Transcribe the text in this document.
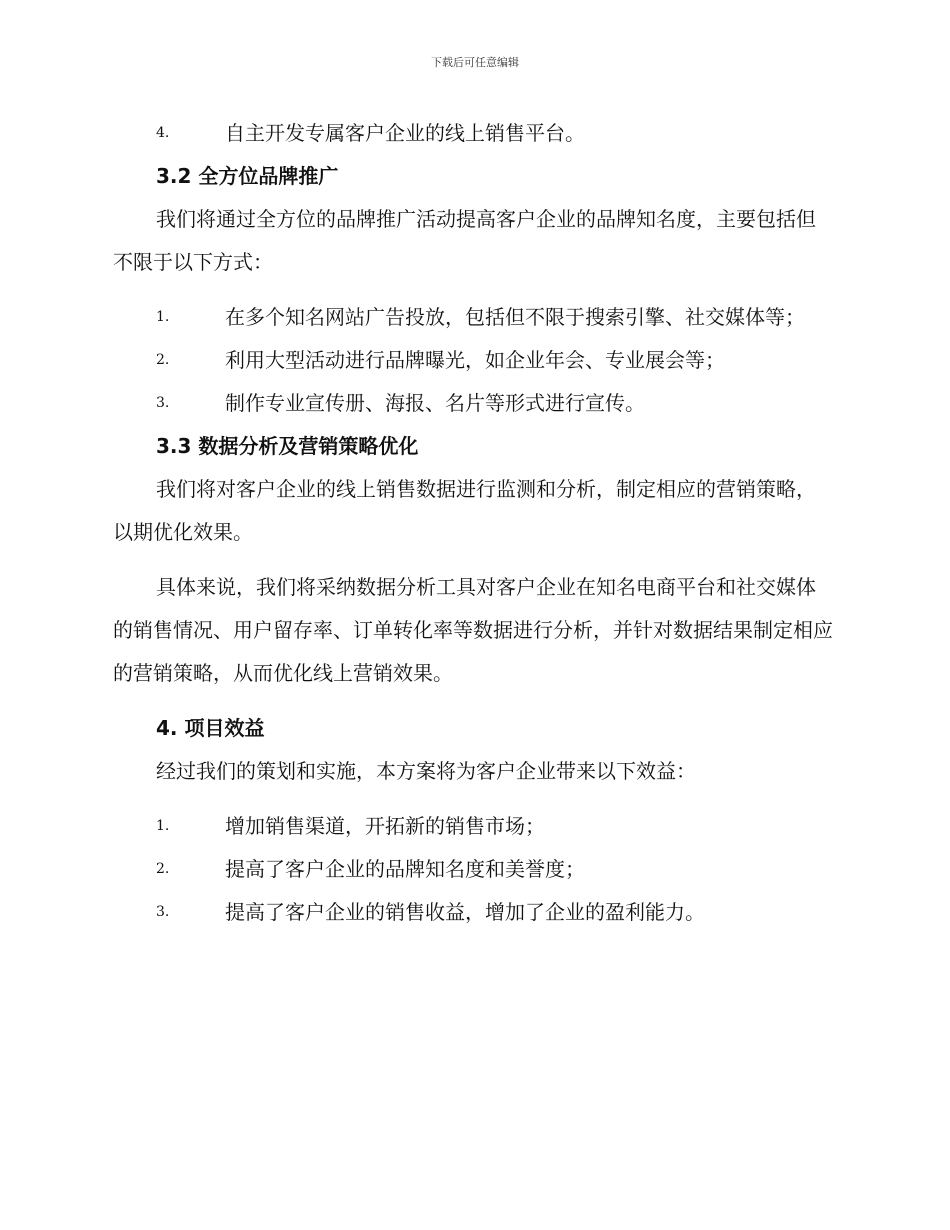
下载后可任意编辑

4.	自主开发专属客户企业的线上销售平台。

3.2 全方位品牌推广

我们将通过全方位的品牌推广活动提高客户企业的品牌知名度，主要包括但不限于以下方式：

1.	在多个知名网站广告投放，包括但不限于搜索引擎、社交媒体等；

2.	利用大型活动进行品牌曝光，如企业年会、专业展会等；

3.	制作专业宣传册、海报、名片等形式进行宣传。

3.3 数据分析及营销策略优化

我们将对客户企业的线上销售数据进行监测和分析，制定相应的营销策略，以期优化效果。

具体来说，我们将采纳数据分析工具对客户企业在知名电商平台和社交媒体的销售情况、用户留存率、订单转化率等数据进行分析，并针对数据结果制定相应的营销策略，从而优化线上营销效果。

4. 项目效益

经过我们的策划和实施，本方案将为客户企业带来以下效益：

1.	增加销售渠道，开拓新的销售市场；

2.	提高了客户企业的品牌知名度和美誉度；

3.	提高了客户企业的销售收益，增加了企业的盈利能力。
